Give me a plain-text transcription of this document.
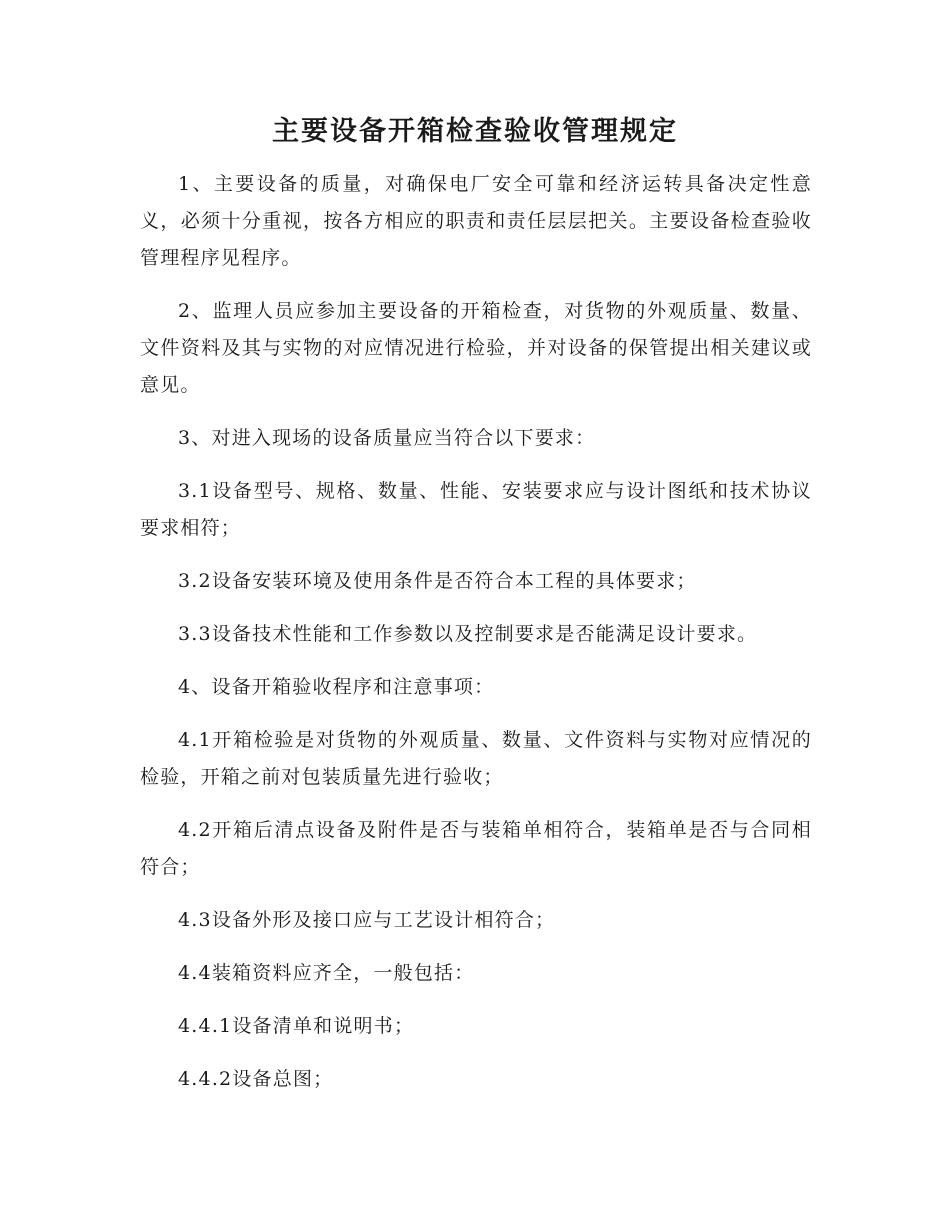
主要设备开箱检查验收管理规定

1、主要设备的质量，对确保电厂安全可靠和经济运转具备决定性意义，必须十分重视，按各方相应的职责和责任层层把关。主要设备检查验收管理程序见程序。

2、监理人员应参加主要设备的开箱检查，对货物的外观质量、数量、文件资料及其与实物的对应情况进行检验，并对设备的保管提出相关建议或意见。

3、对进入现场的设备质量应当符合以下要求：

3.1设备型号、规格、数量、性能、安装要求应与设计图纸和技术协议要求相符；

3.2设备安装环境及使用条件是否符合本工程的具体要求；

3.3设备技术性能和工作参数以及控制要求是否能满足设计要求。

4、设备开箱验收程序和注意事项：

4.1开箱检验是对货物的外观质量、数量、文件资料与实物对应情况的检验，开箱之前对包装质量先进行验收；

4.2开箱后清点设备及附件是否与装箱单相符合，装箱单是否与合同相符合；

4.3设备外形及接口应与工艺设计相符合；

4.4装箱资料应齐全，一般包括：

4.4.1设备清单和说明书；

4.4.2设备总图；
